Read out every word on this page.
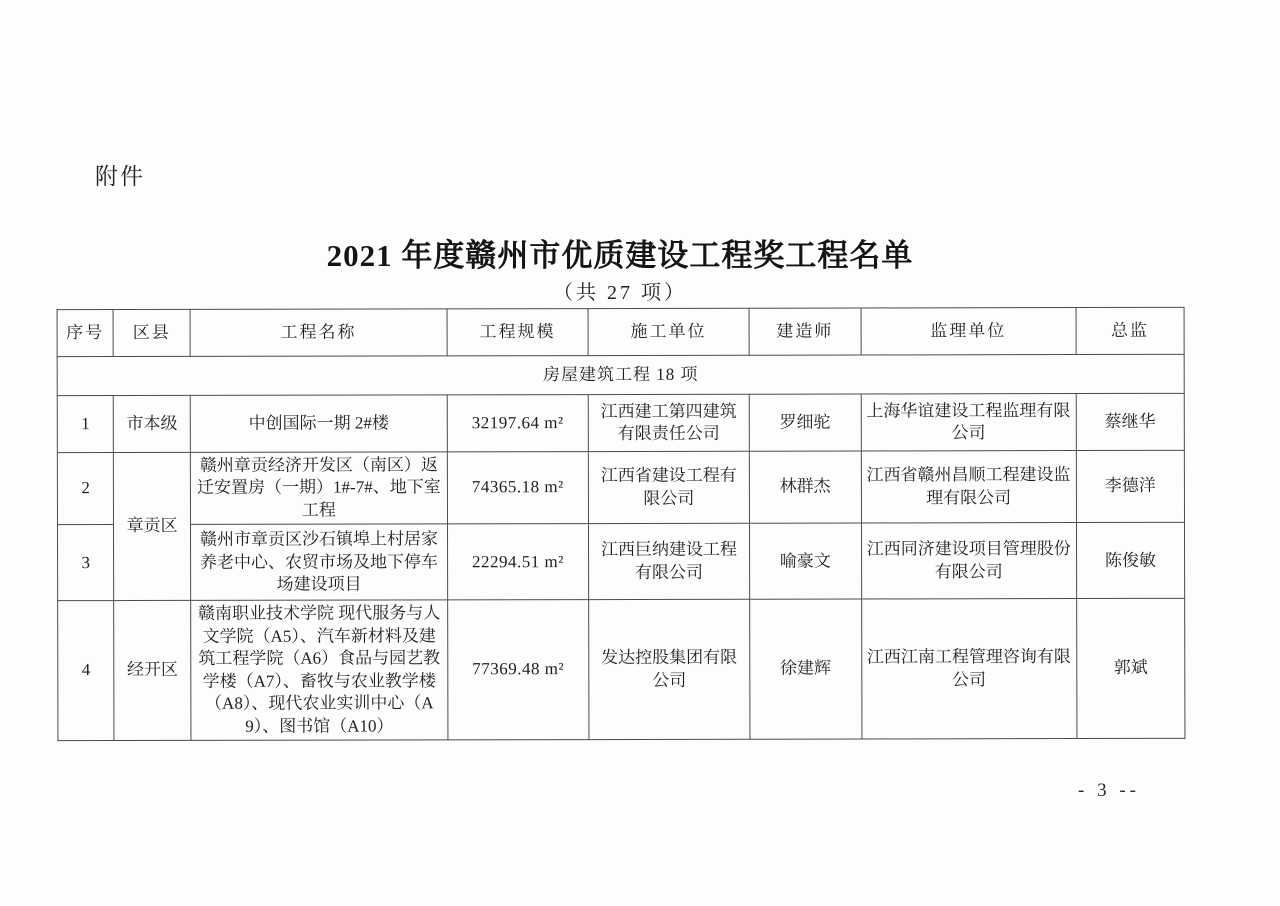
附件
2021 年度赣州市优质建设工程奖工程名单
（共 27 项）
序号	区县	工程名称	工程规模	施工单位	建造师	监理单位	总监
房屋建筑工程 18 项							
1	市本级	中创国际一期 2#楼	32197.64 m²	江西建工第四建筑有限责任公司	罗细驼	上海华谊建设工程监理有限公司	蔡继华
2	章贡区	赣州章贡经济开发区（南区）返迁安置房（一期）1#-7#、地下室工程	74365.18 m²	江西省建设工程有限公司	林群杰	江西省赣州昌顺工程建设监理有限公司	李德洋
3		赣州市章贡区沙石镇埠上村居家养老中心、农贸市场及地下停车场建设项目	22294.51 m²	江西巨纳建设工程有限公司	喻豪文	江西同济建设项目管理股份有限公司	陈俊敏
4	经开区	赣南职业技术学院 现代服务与人文学院（A5）、汽车新材料及建筑工程学院（A6）食品与园艺教学楼（A7）、畜牧与农业教学楼（A8）、现代农业实训中心（A9）、图书馆（A10）	77369.48 m²	发达控股集团有限公司	徐建辉	江西江南工程管理咨询有限公司	郭斌
- 3 --
